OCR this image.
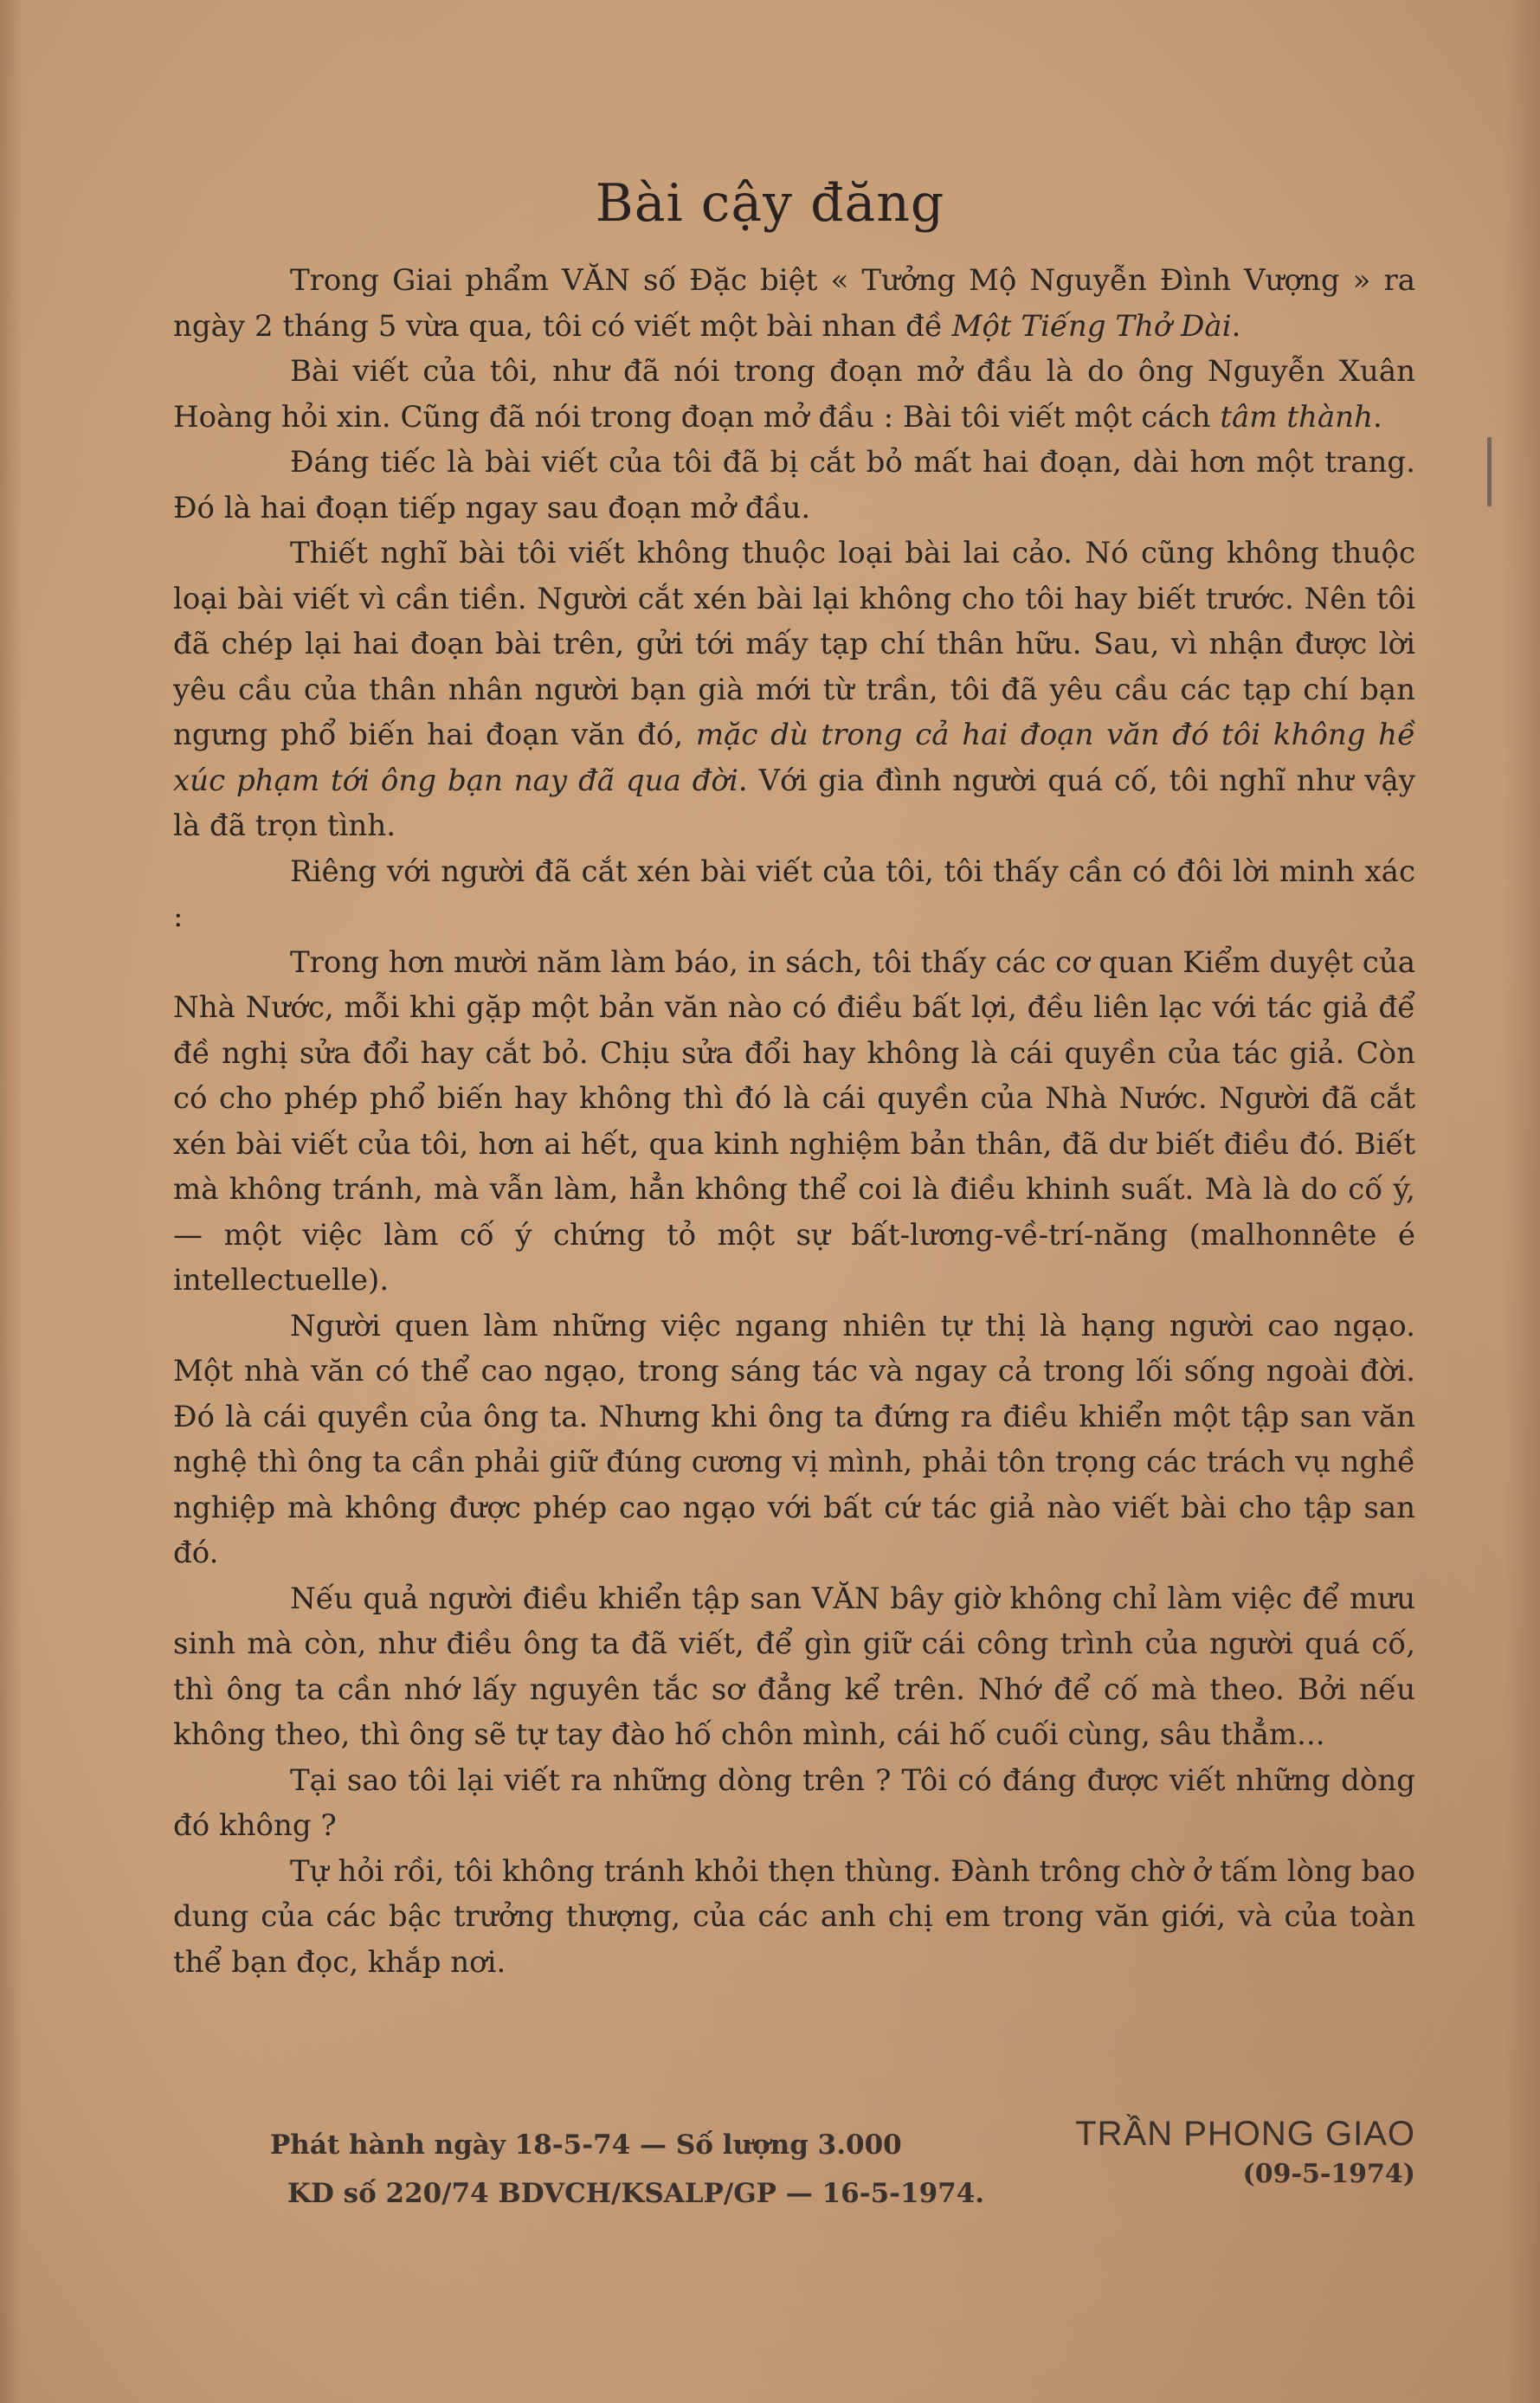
Bài cậy đăng

Trong Giai phẩm VĂN số Đặc biệt « Tưởng Mộ Nguyễn Đình Vượng » ra ngày 2 tháng 5 vừa qua, tôi có viết một bài nhan đề Một Tiếng Thở Dài.

Bài viết của tôi, như đã nói trong đoạn mở đầu là do ông Nguyễn Xuân Hoàng hỏi xin. Cũng đã nói trong đoạn mở đầu : Bài tôi viết một cách tâm thành.

Đáng tiếc là bài viết của tôi đã bị cắt bỏ mất hai đoạn, dài hơn một trang. Đó là hai đoạn tiếp ngay sau đoạn mở đầu.

Thiết nghĩ bài tôi viết không thuộc loại bài lai cảo. Nó cũng không thuộc loại bài viết vì cần tiền. Người cắt xén bài lại không cho tôi hay biết trước. Nên tôi đã chép lại hai đoạn bài trên, gửi tới mấy tạp chí thân hữu. Sau, vì nhận được lời yêu cầu của thân nhân người bạn già mới từ trần, tôi đã yêu cầu các tạp chí bạn ngưng phổ biến hai đoạn văn đó, mặc dù trong cả hai đoạn văn đó tôi không hề xúc phạm tới ông bạn nay đã qua đời. Với gia đình người quá cố, tôi nghĩ như vậy là đã trọn tình.

Riêng với người đã cắt xén bài viết của tôi, tôi thấy cần có đôi lời minh xác :

Trong hơn mười năm làm báo, in sách, tôi thấy các cơ quan Kiểm duyệt của Nhà Nước, mỗi khi gặp một bản văn nào có điều bất lợi, đều liên lạc với tác giả để đề nghị sửa đổi hay cắt bỏ. Chịu sửa đổi hay không là cái quyền của tác giả. Còn có cho phép phổ biến hay không thì đó là cái quyền của Nhà Nước. Người đã cắt xén bài viết của tôi, hơn ai hết, qua kinh nghiệm bản thân, đã dư biết điều đó. Biết mà không tránh, mà vẫn làm, hẳn không thể coi là điều khinh suất. Mà là do cố ý, — một việc làm cố ý chứng tỏ một sự bất-lương-về-trí-năng (malhonnête é intellectuelle).

Người quen làm những việc ngang nhiên tự thị là hạng người cao ngạo. Một nhà văn có thể cao ngạo, trong sáng tác và ngay cả trong lối sống ngoài đời. Đó là cái quyền của ông ta. Nhưng khi ông ta đứng ra điều khiển một tập san văn nghệ thì ông ta cần phải giữ đúng cương vị mình, phải tôn trọng các trách vụ nghề nghiệp mà không được phép cao ngạo với bất cứ tác giả nào viết bài cho tập san đó.

Nếu quả người điều khiển tập san VĂN bây giờ không chỉ làm việc để mưu sinh mà còn, như điều ông ta đã viết, để gìn giữ cái công trình của người quá cố, thì ông ta cần nhớ lấy nguyên tắc sơ đẳng kể trên. Nhớ để cố mà theo. Bởi nếu không theo, thì ông sẽ tự tay đào hố chôn mình, cái hố cuối cùng, sâu thẳm...

Tại sao tôi lại viết ra những dòng trên ? Tôi có đáng được viết những dòng đó không ?

Tự hỏi rồi, tôi không tránh khỏi thẹn thùng. Đành trông chờ ở tấm lòng bao dung của các bậc trưởng thượng, của các anh chị em trong văn giới, và của toàn thể bạn đọc, khắp nơi.

Phát hành ngày 18-5-74 — Số lượng 3.000
KD số 220/74 BDVCH/KSALP/GP — 16-5-1974.
TRẦN PHONG GIAO
(09-5-1974)
